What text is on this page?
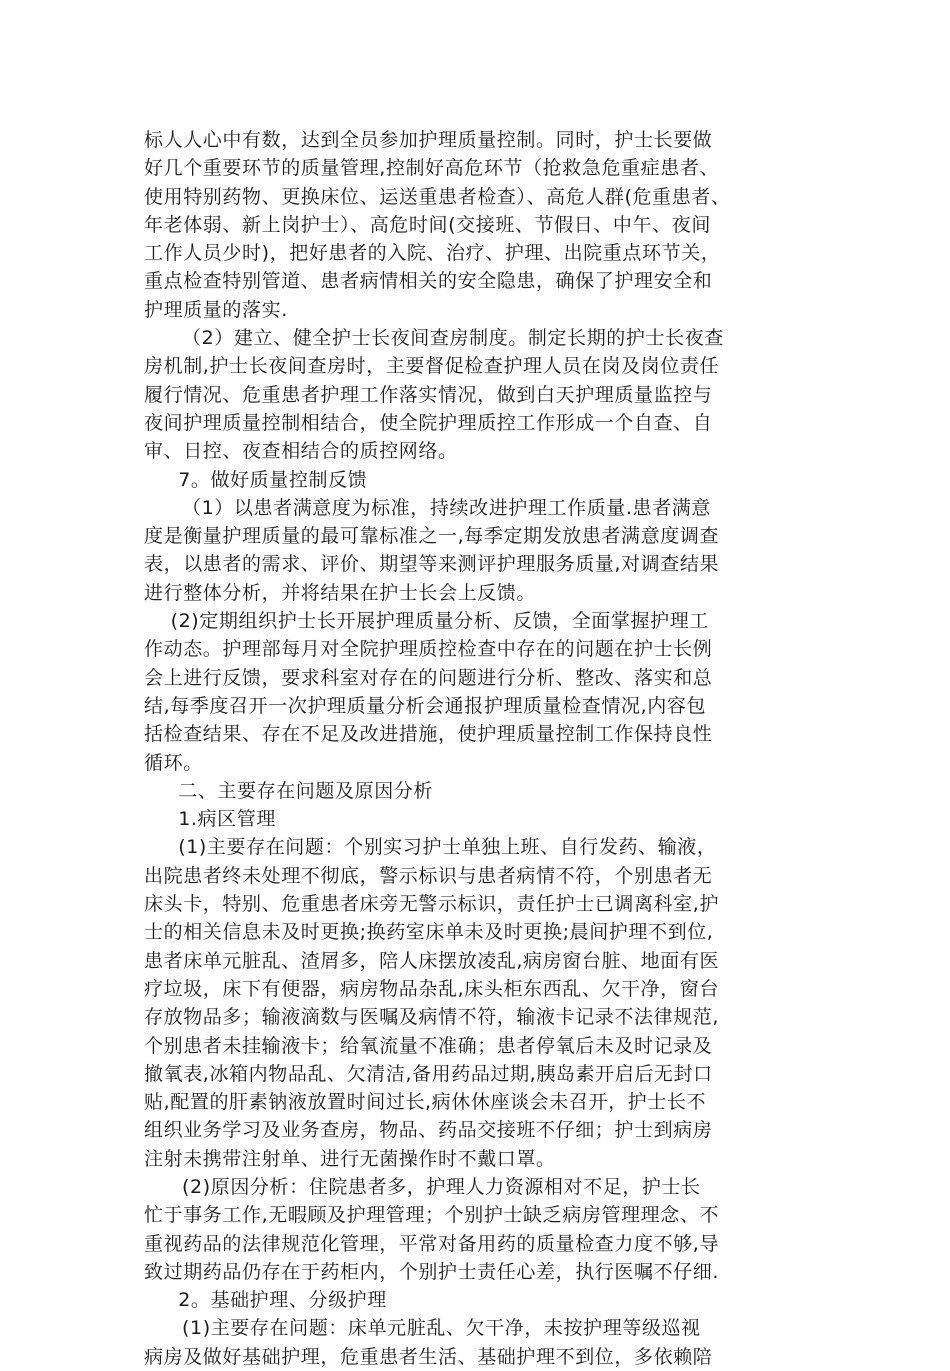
标人人心中有数，达到全员参加护理质量控制。同时，护士长要做
好几个重要环节的质量管理,控制好高危环节（抢救急危重症患者、
使用特别药物、更换床位、运送重患者检查）、高危人群(危重患者、
年老体弱、新上岗护士）、高危时间(交接班、节假日、中午、夜间
工作人员少时)，把好患者的入院、治疗、护理、出院重点环节关，
重点检查特别管道、患者病情相关的安全隐患，确保了护理安全和
护理质量的落实.
（2）建立、健全护士长夜间查房制度。制定长期的护士长夜查
房机制,护士长夜间查房时，主要督促检查护理人员在岗及岗位责任
履行情况、危重患者护理工作落实情况，做到白天护理质量监控与
夜间护理质量控制相结合，使全院护理质控工作形成一个自查、自
审、日控、夜查相结合的质控网络。
7。做好质量控制反馈
（1）以患者满意度为标准，持续改进护理工作质量.患者满意
度是衡量护理质量的最可靠标准之一,每季定期发放患者满意度调查
表，以患者的需求、评价、期望等来测评护理服务质量,对调查结果
进行整体分析，并将结果在护士长会上反馈。
(2)定期组织护士长开展护理质量分析、反馈，全面掌握护理工
作动态。护理部每月对全院护理质控检查中存在的问题在护士长例
会上进行反馈，要求科室对存在的问题进行分析、整改、落实和总
结,每季度召开一次护理质量分析会通报护理质量检查情况,内容包
括检查结果、存在不足及改进措施，使护理质量控制工作保持良性
循环。
二、主要存在问题及原因分析
1.病区管理
(1)主要存在问题：个别实习护士单独上班、自行发药、输液，
出院患者终未处理不彻底，警示标识与患者病情不符，个别患者无
床头卡，特别、危重患者床旁无警示标识，责任护士已调离科室,护
士的相关信息未及时更换;换药室床单未及时更换;晨间护理不到位,
患者床单元脏乱、渣屑多，陪人床摆放凌乱,病房窗台脏、地面有医
疗垃圾，床下有便器，病房物品杂乱,床头柜东西乱、欠干净，窗台
存放物品多；输液滴数与医嘱及病情不符，输液卡记录不法律规范,
个别患者未挂输液卡；给氧流量不准确；患者停氧后未及时记录及
撤氧表,冰箱内物品乱、欠清洁,备用药品过期,胰岛素开启后无封口
贴,配置的肝素钠液放置时间过长,病休休座谈会未召开，护士长不
组织业务学习及业务查房，物品、药品交接班不仔细；护士到病房
注射未携带注射单、进行无菌操作时不戴口罩。
(2)原因分析：住院患者多，护理人力资源相对不足，护士长
忙于事务工作,无暇顾及护理管理；个别护士缺乏病房管理理念、不
重视药品的法律规范化管理，平常对备用药的质量检查力度不够,导
致过期药品仍存在于药柜内，个别护士责任心差，执行医嘱不仔细.
2。基础护理、分级护理
(1)主要存在问题：床单元脏乱、欠干净，未按护理等级巡视
病房及做好基础护理，危重患者生活、基础护理不到位，多依赖陪
